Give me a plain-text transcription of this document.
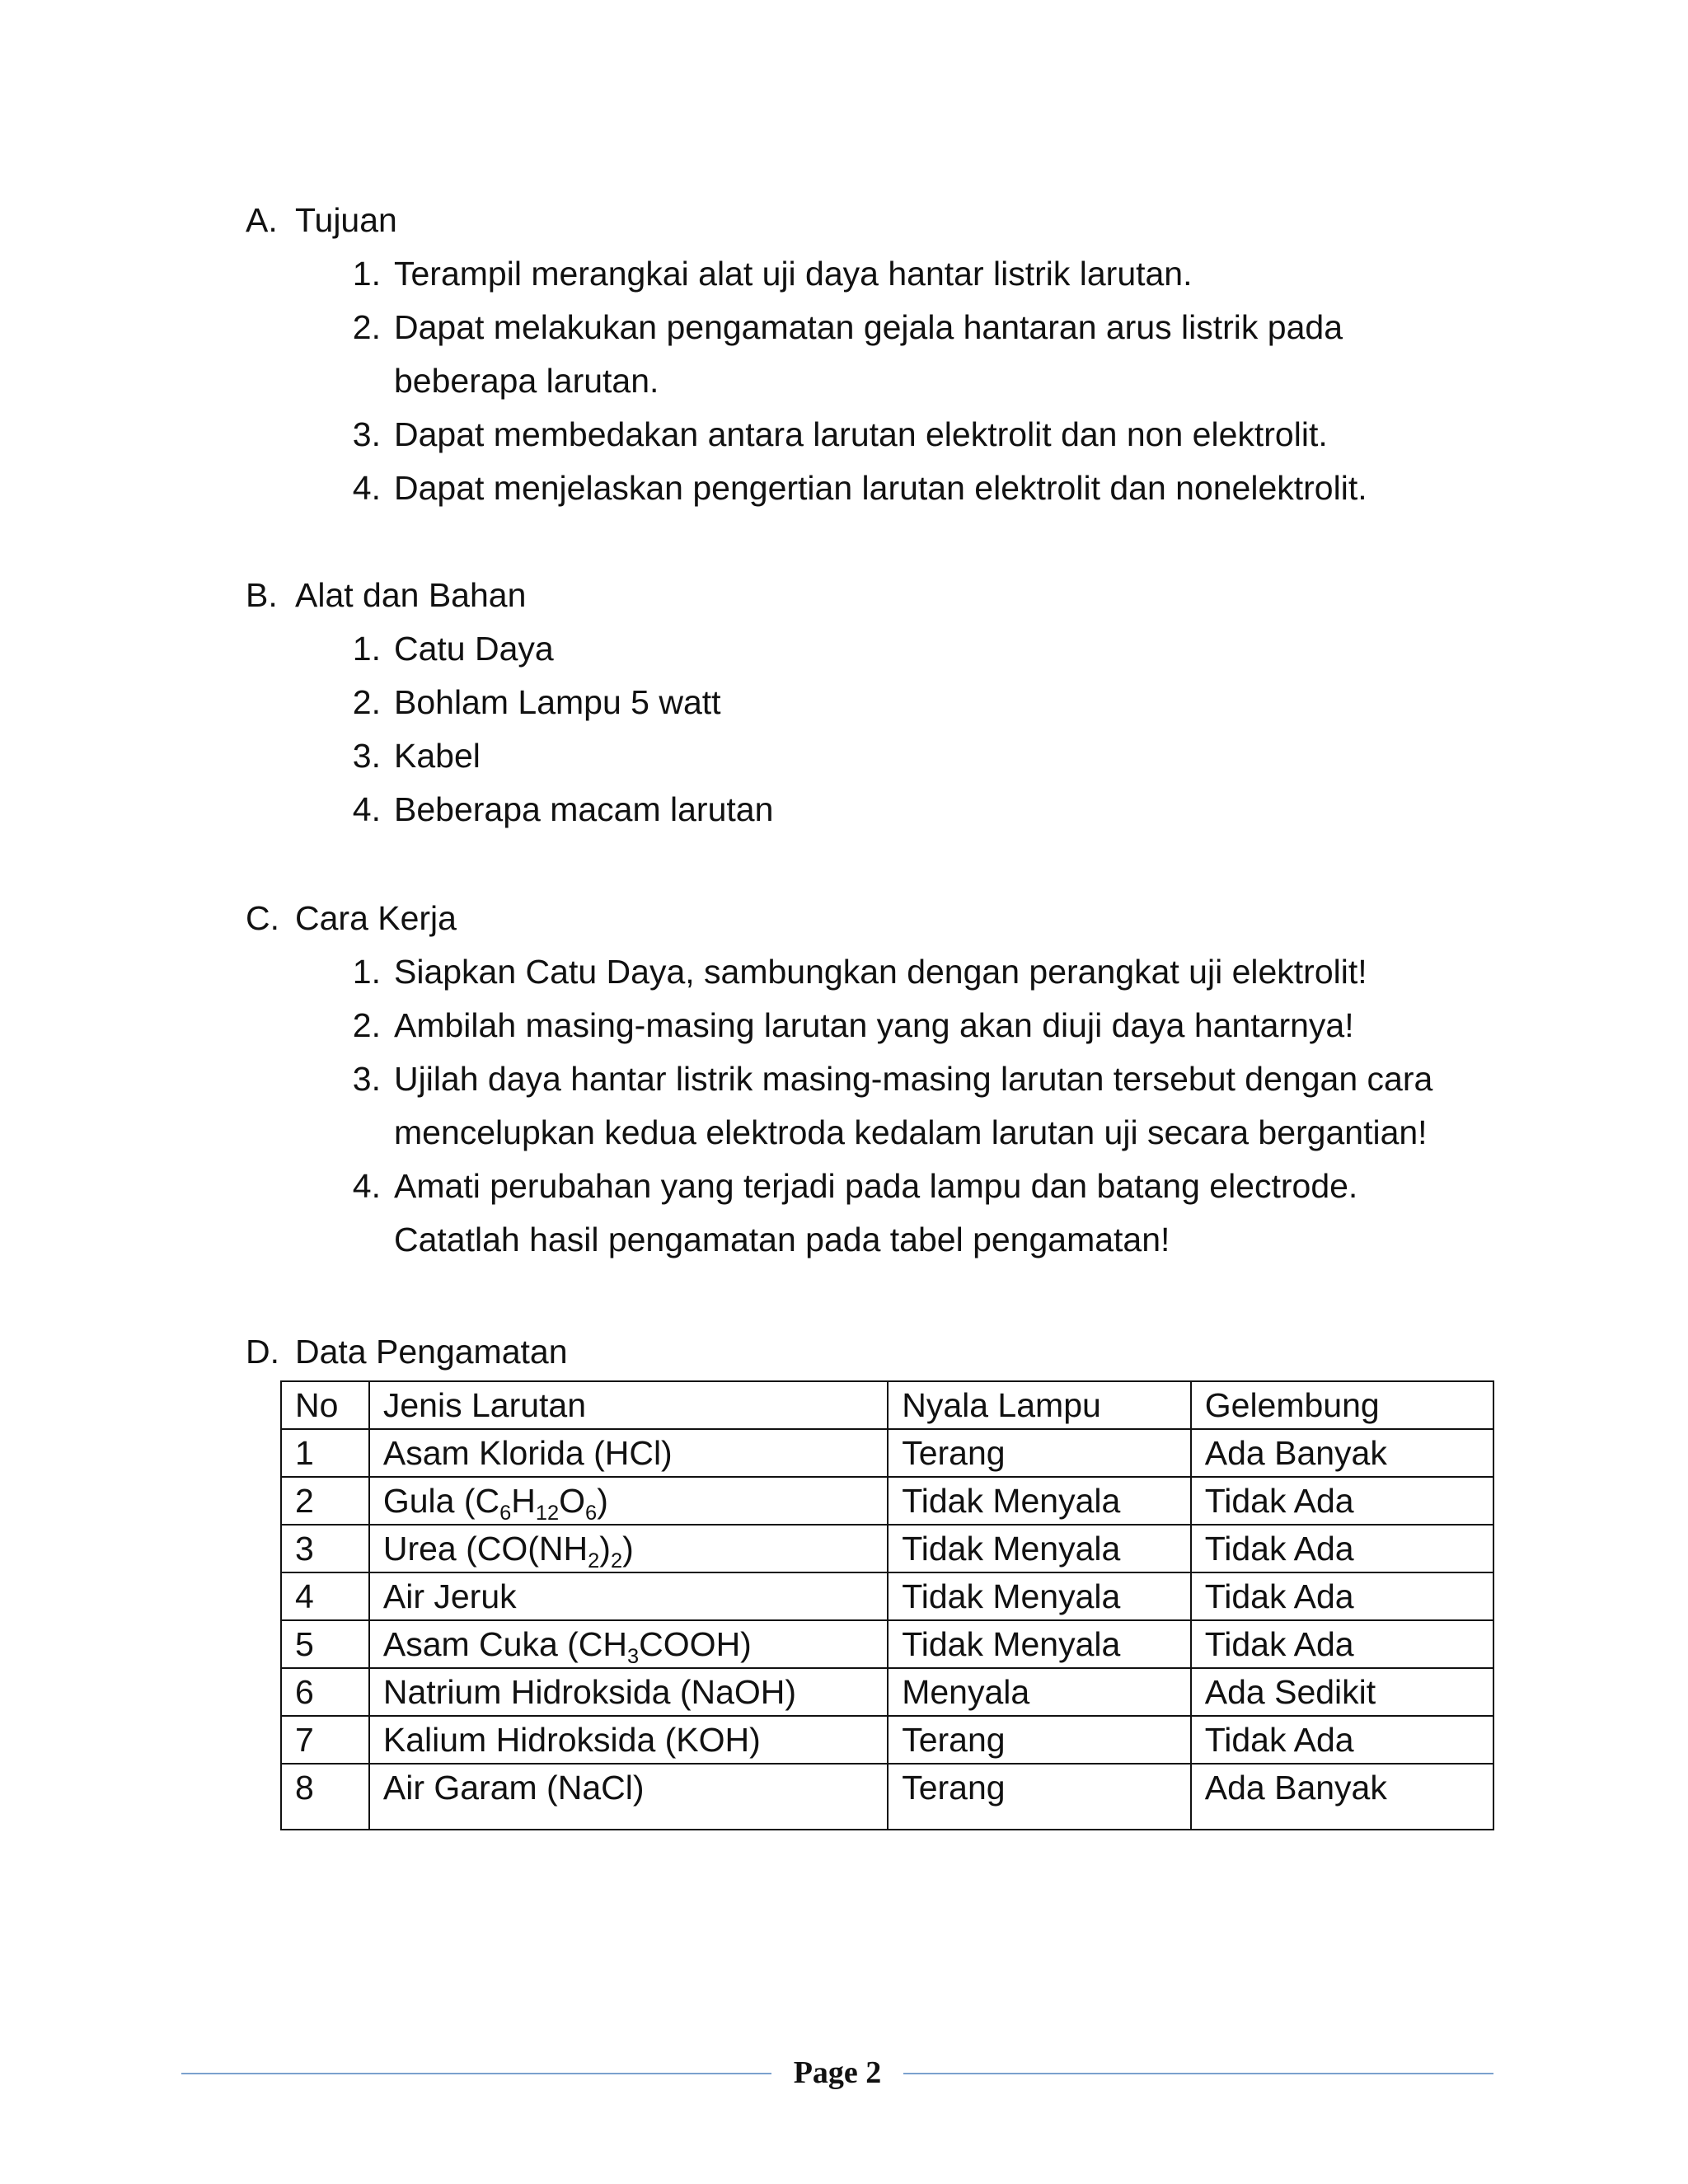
A. Tujuan
1. Terampil merangkai alat uji daya hantar listrik larutan.
2. Dapat melakukan pengamatan gejala hantaran arus listrik pada
beberapa larutan.
3. Dapat membedakan antara larutan elektrolit dan non elektrolit.
4. Dapat menjelaskan pengertian larutan elektrolit dan nonelektrolit.
B. Alat dan Bahan
1. Catu Daya
2. Bohlam Lampu 5 watt
3. Kabel
4. Beberapa macam larutan
C. Cara Kerja
1. Siapkan Catu Daya, sambungkan dengan perangkat uji elektrolit!
2. Ambilah masing-masing larutan yang akan diuji daya hantarnya!
3. Ujilah daya hantar listrik masing-masing larutan tersebut dengan cara
mencelupkan kedua elektroda kedalam larutan uji secara bergantian!
4. Amati perubahan yang terjadi pada lampu dan batang electrode.
Catatlah hasil pengamatan pada tabel pengamatan!
D. Data Pengamatan
No	Jenis Larutan	Nyala Lampu	Gelembung
1	Asam Klorida (HCl)	Terang	Ada Banyak
2	Gula $(C_6H_{12}O_6)$	Tidak Menyala	Tidak Ada
3	Urea $(CO(NH_2)_2)$	Tidak Menyala	Tidak Ada
4	Air Jeruk	Tidak Menyala	Tidak Ada
5	Asam Cuka $(CH_3COOH)$	Tidak Menyala	Tidak Ada
6	Natrium Hidroksida (NaOH)	Menyala	Ada Sedikit
7	Kalium Hidroksida (KOH)	Terang	Tidak Ada
8	Air Garam (NaCl)	Terang	Ada Banyak
Page 2
